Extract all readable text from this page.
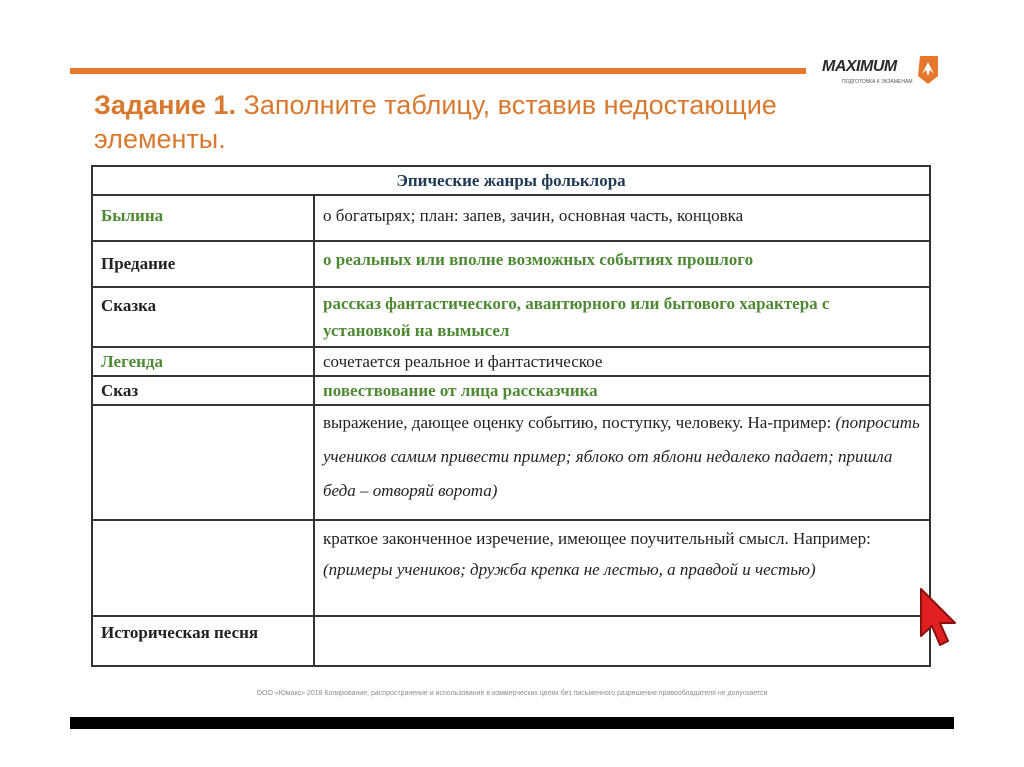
MAXIMUM
ПОДГОТОВКА К ЭКЗАМЕНАМ
Задание 1. Заполните таблицу, вставив недостающие элементы.
Эпические жанры фольклора	
Былина	о богатырях; план: запев, зачин, основная часть, концовка
Предание	о реальных или вполне возможных событиях прошлого
Сказка	рассказ фантастического, авантюрного или бытового характера с установкой на вымысел
Легенда	сочетается реальное и фантастическое
Сказ	повествование от лица рассказчика
	выражение, дающее оценку событию, поступку, человеку. На-пример: (попросить учеников самим привести пример; яблоко от яблони недалеко падает; пришла беда – отворяй ворота)
	краткое законченное изречение, имеющее поучительный смысл. Например: (примеры учеников; дружба крепка не лестью, а правдой и честью)
Историческая песня	
ООО «Юмакс» 2018 Копирование, распространение и использование в коммерческих целях без письменного разрешения правообладателя не допускается
